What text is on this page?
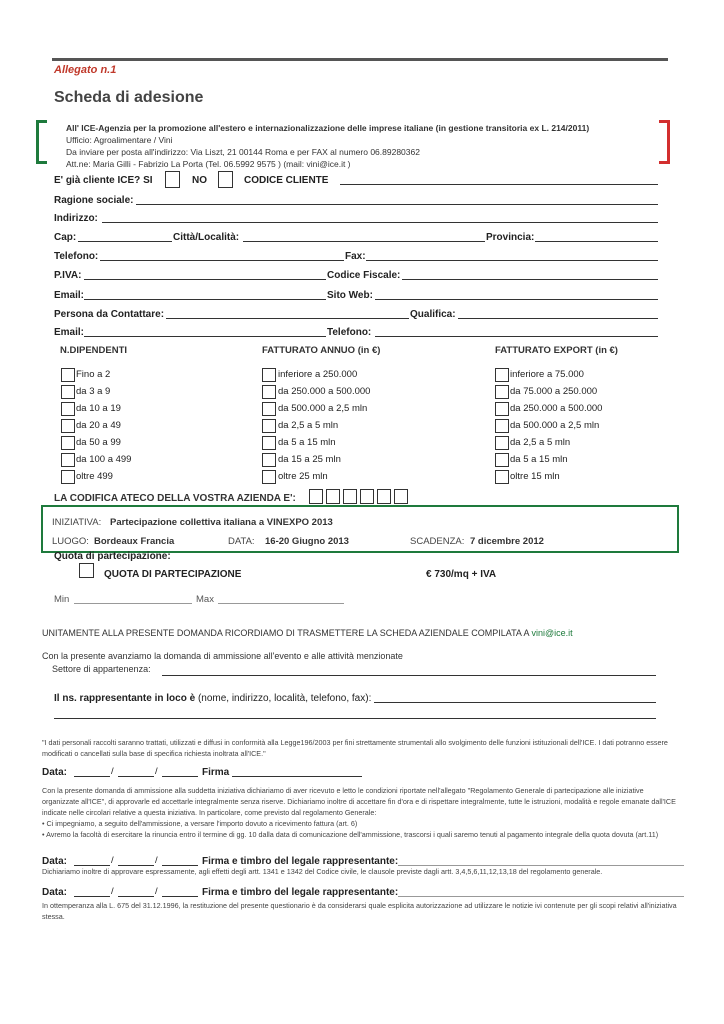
Allegato n.1
Scheda di adesione
All' ICE-Agenzia per la promozione all'estero e internazionalizzazione delle imprese italiane (in gestione transitoria ex L. 214/2011)
Ufficio: Agroalimentare / Vini
Da inviare per posta all'indirizzo: Via Liszt, 21 00144 Roma e per FAX al numero 06.89280362
Att.ne: Maria Gilli - Fabrizio La Porta (Tel. 06.5992 9575 ) (mail: vini@ice.it )
E' già cliente ICE? SI	NO	CODICE CLIENTE
Ragione sociale:
Indirizzo:
Cap:	Città/Località:	Provincia:
Telefono:	Fax:
P.IVA:	Codice Fiscale:
Email:	Sito Web:
Persona da Contattare:	Qualifica:
Email:	Telefono:
N.DIPENDENTI	FATTURATO ANNUO (in €)	FATTURATO EXPORT (in €)
Fino a 2	inferiore a 250.000	inferiore a 75.000
da 3 a 9	da 250.000 a 500.000	da 75.000 a 250.000
da 10 a 19	da 500.000 a 2,5 mln	da 250.000 a 500.000
da 20 a 49	da 2,5 a 5 mln	da 500.000 a 2,5 mln
da 50 a 99	da 5 a 15 mln	da 2,5 a 5 mln
da 100 a 499	da 15 a 25 mln	da 5 a 15 mln
oltre 499	oltre 25 mln	oltre 15 mln
LA CODIFICA ATECO DELLA VOSTRA AZIENDA E':
INIZIATIVA: Partecipazione collettiva italiana a VINEXPO 2013
LUOGO: Bordeaux Francia	DATA: 16-20 Giugno 2013	SCADENZA: 7 dicembre 2012
Quota di partecipazione:
QUOTA DI PARTECIPAZIONE	€ 730/mq + IVA
Min	Max
UNITAMENTE ALLA PRESENTE DOMANDA RICORDIAMO DI TRASMETTERE LA SCHEDA AZIENDALE COMPILATA A vini@ice.it
Con la presente avanziamo la domanda di ammissione all'evento e alle attività menzionate
Settore di appartenenza:
Il ns. rappresentante in loco è (nome, indirizzo, località, telefono, fax):
"I dati personali raccolti saranno trattati, utilizzati e diffusi in conformità alla Legge196/2003 per fini strettamente strumentali allo svolgimento delle funzioni istituzionali dell'ICE. I dati potranno essere modificati o cancellati sulla base di specifica richiesta inoltrata all'ICE."
Data:	/	/	Firma
Con la presente domanda di ammissione alla suddetta iniziativa dichiariamo di aver ricevuto e letto le condizioni riportate nell'allegato "Regolamento Generale di partecipazione alle iniziative organizzate all'ICE", di approvarle ed accettarle integralmente senza riserve. Dichiariamo inoltre di accettare fin d'ora e di rispettare integralmente, tutte le istruzioni, modalità e regole emanate dall'ICE indicate nelle circolari relative a questa iniziativa. In particolare, come previsto dal regolamento Generale:
• Ci impegniamo, a seguito dell'ammissione, a versare l'importo dovuto a ricevimento fattura (art. 6)
• Avremo la facoltà di esercitare la rinuncia entro il termine di gg. 10 dalla data di comunicazione dell'ammissione, trascorsi i quali saremo tenuti al pagamento integrale della quota dovuta (art.11)
Data:	/	/	Firma e timbro del legale rappresentante:
Dichiariamo inoltre di approvare espressamente, agli effetti degli artt. 1341 e 1342 del Codice civile, le clausole previste dagli artt. 3,4,5,6,11,12,13,18 del regolamento generale.
Data:	/	/	Firma e timbro del legale rappresentante:
In ottemperanza alla L. 675 del 31.12.1996, la restituzione del presente questionario è da considerarsi quale esplicita autorizzazione ad utilizzare le notizie ivi contenute per gli scopi relativi all'iniziativa stessa.
